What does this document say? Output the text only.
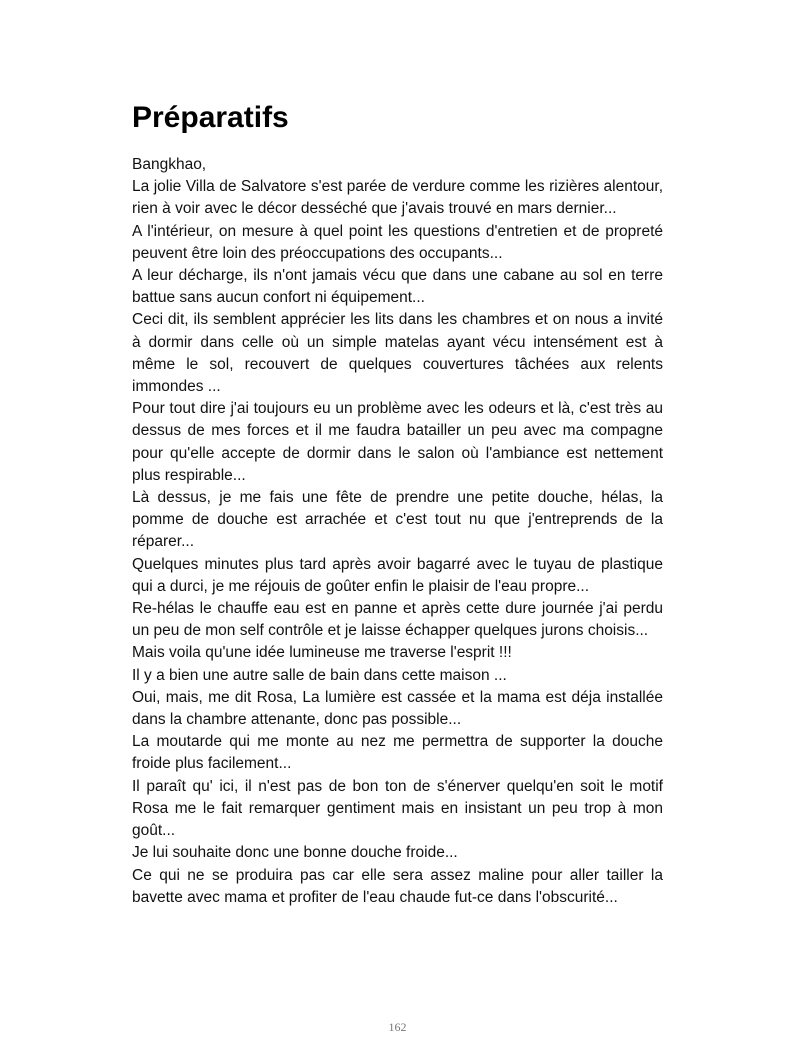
Préparatifs

Bangkhao,

La jolie Villa de Salvatore s'est parée de verdure comme les rizières alentour, rien à voir avec le décor desséché que j'avais trouvé en mars dernier...

A l'intérieur, on mesure à quel point les questions d'entretien et de propreté peuvent être loin des préoccupations des occupants...

A leur décharge, ils n'ont jamais vécu que dans une cabane au sol en terre battue sans aucun confort ni équipement...

Ceci dit, ils semblent apprécier les lits dans les chambres et on nous a invité à dormir dans celle où un simple matelas ayant vécu intensément est à même le sol, recouvert de quelques couvertures tâchées aux relents immondes ...

Pour tout dire j'ai toujours eu un problème avec les odeurs et là, c'est très au dessus de mes forces et il me faudra batailler un peu avec ma compagne pour qu'elle accepte de dormir dans le salon où l'ambiance est nettement plus respirable...

Là dessus, je me fais une fête de prendre une petite douche, hélas, la pomme de douche est arrachée et c'est tout nu que j'entreprends de la réparer...

Quelques minutes plus tard après avoir bagarré avec le tuyau de plastique qui a durci, je me réjouis de goûter enfin le plaisir de l'eau propre...

Re-hélas le chauffe eau est en panne et après cette dure journée j'ai perdu un peu de mon self contrôle et je laisse échapper quelques jurons choisis...

Mais voila qu'une idée lumineuse me traverse l'esprit !!!

Il y a bien une autre salle de bain dans cette maison ...

Oui, mais, me dit Rosa, La lumière est cassée et la mama est déja installée dans la chambre attenante, donc pas possible...

La moutarde qui me monte au nez me permettra de supporter la douche froide plus facilement...

Il paraît qu' ici, il n'est pas de bon ton de s'énerver quelqu'en soit le motif Rosa me le fait remarquer gentiment mais en insistant un peu trop à mon goût...

Je lui souhaite donc une bonne douche froide...

Ce qui ne se produira pas car elle sera assez maline pour aller tailler la bavette avec mama et profiter de l'eau chaude fut-ce dans l'obscurité...

162
